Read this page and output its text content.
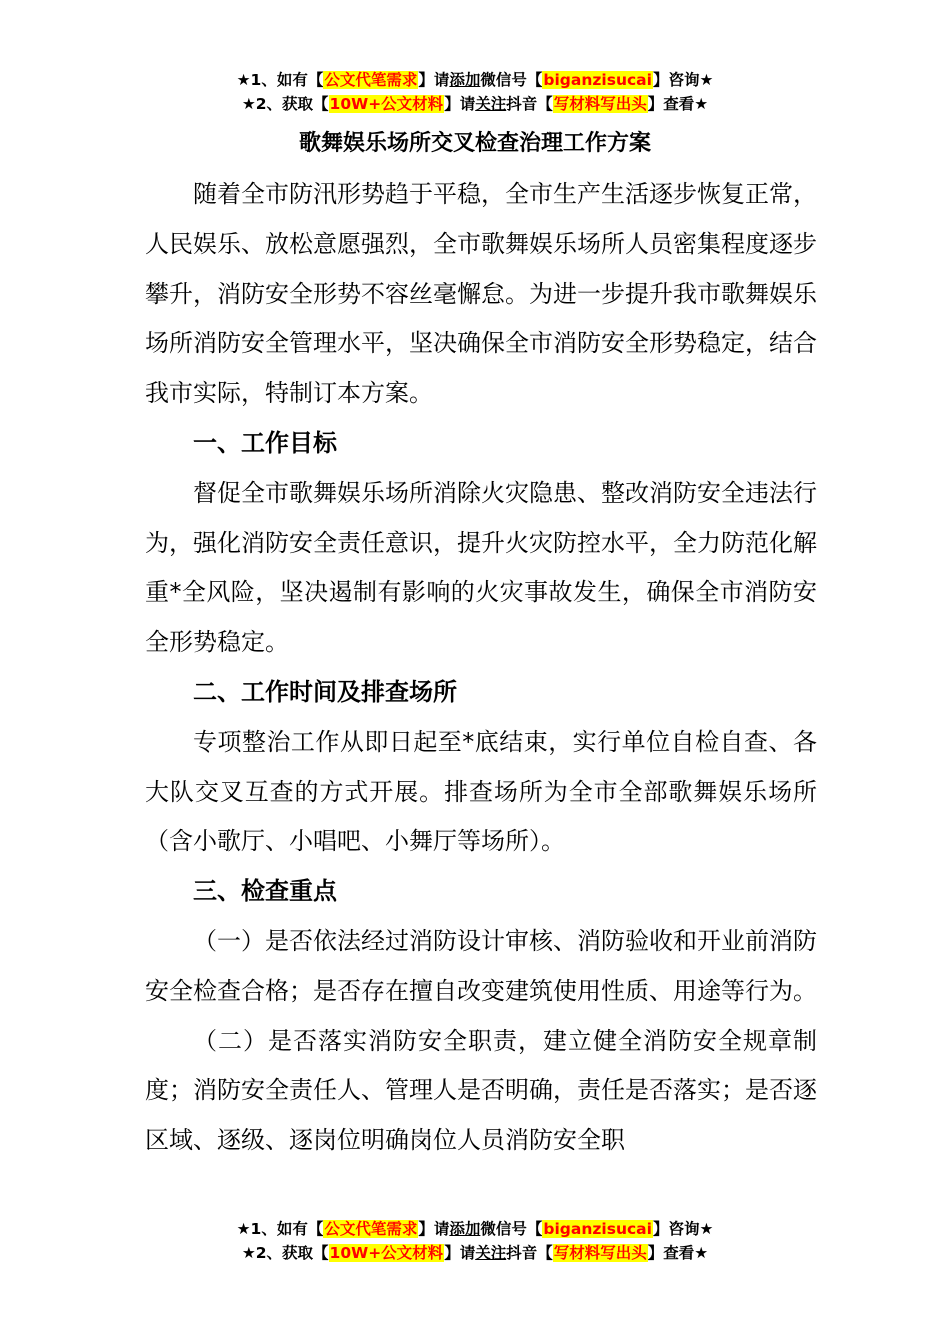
★1、如有【公文代笔需求】请添加微信号【biganzisucai】咨询★
★2、获取【10W+公文材料】请关注抖音【写材料写出头】查看★
歌舞娱乐场所交叉检查治理工作方案

随着全市防汛形势趋于平稳，全市生产生活逐步恢复正常，人民娱乐、放松意愿强烈，全市歌舞娱乐场所人员密集程度逐步攀升，消防安全形势不容丝毫懈怠。为进一步提升我市歌舞娱乐场所消防安全管理水平，坚决确保全市消防安全形势稳定，结合我市实际，特制订本方案。

一、工作目标

督促全市歌舞娱乐场所消除火灾隐患、整改消防安全违法行为，强化消防安全责任意识，提升火灾防控水平，全力防范化解重*全风险，坚决遏制有影响的火灾事故发生，确保全市消防安全形势稳定。

二、工作时间及排查场所

专项整治工作从即日起至*底结束，实行单位自检自查、各大队交叉互查的方式开展。排查场所为全市全部歌舞娱乐场所（含小歌厅、小唱吧、小舞厅等场所）。

三、检查重点

（一）是否依法经过消防设计审核、消防验收和开业前消防安全检查合格；是否存在擅自改变建筑使用性质、用途等行为。

（二）是否落实消防安全职责，建立健全消防安全规章制度；消防安全责任人、管理人是否明确，责任是否落实；是否逐区域、逐级、逐岗位明确岗位人员消防安全职

★1、如有【公文代笔需求】请添加微信号【biganzisucai】咨询★
★2、获取【10W+公文材料】请关注抖音【写材料写出头】查看★
